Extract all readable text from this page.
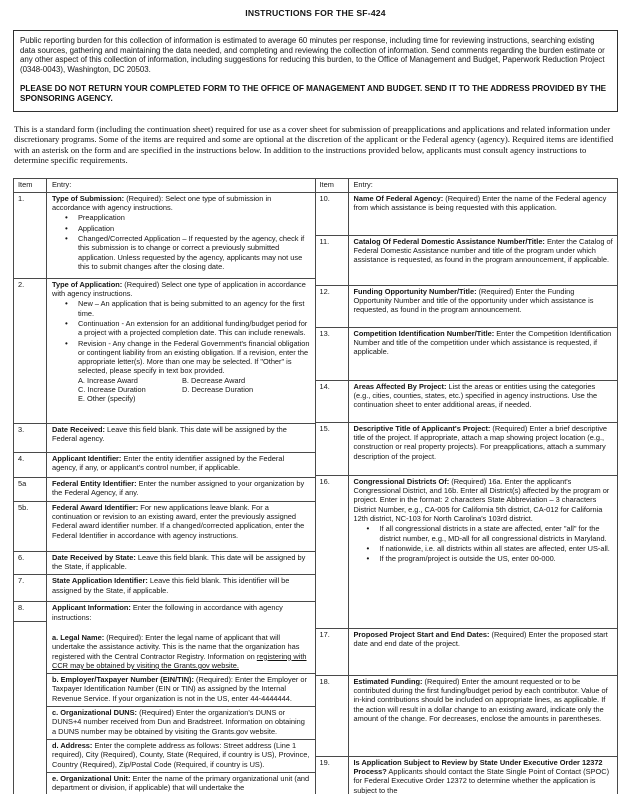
INSTRUCTIONS FOR THE SF-424
Public reporting burden for this collection of information is estimated to average 60 minutes per response, including time for reviewing instructions, searching existing data sources, gathering and maintaining the data needed, and completing and reviewing the collection of information. Send comments regarding the burden estimate or any other aspect of this collection of information, including suggestions for reducing this burden, to the Office of Management and Budget, Paperwork Reduction Project (0348-0043), Washington, DC 20503.
PLEASE DO NOT RETURN YOUR COMPLETED FORM TO THE OFFICE OF MANAGEMENT AND BUDGET. SEND IT TO THE ADDRESS PROVIDED BY THE SPONSORING AGENCY.
This is a standard form (including the continuation sheet) required for use as a cover sheet for submission of preapplications and applications and related information under discretionary programs. Some of the items are required and some are optional at the discretion of the applicant or the Federal agency (agency). Required items are identified with an asterisk on the form and are specified in the instructions below. In addition to the instructions provided below, applicants must consult agency instructions to determine specific requirements.
Item	Entry:
1.	Type of Submission: (Required): Select one type of submission in accordance with agency instructions.

• Preapplication
• Application
• Changed/Corrected Application – If requested by the agency, check if this submission is to change or correct a previously submitted application. Unless requested by the agency, applicants may not use this to submit changes after the closing date.
2.	Type of Application: (Required) Select one type of application in accordance with agency instructions.

• New – An application that is being submitted to an agency for the first time.
• Continuation - An extension for an additional funding/budget period for a project with a projected completion date. This can include renewals.
• Revision - Any change in the Federal Government's financial obligation or contingent liability from an existing obligation. If a revision, enter the appropriate letter(s). More than one may be selected. If "Other" is selected, please specify in text box provided.
A. Increase Award	B. Decrease Award
C. Increase Duration	D. Decrease Duration
E. Other (specify)
3.	Date Received: Leave this field blank. This date will be assigned by the Federal agency.

4.	Applicant Identifier: Enter the entity identifier assigned by the Federal agency, if any, or applicant's control number, if applicable.

5a	Federal Entity Identifier: Enter the number assigned to your organization by the Federal Agency, if any.

5b.	Federal Award Identifier: For new applications leave blank. For a continuation or revision to an existing award, enter the previously assigned Federal award identifier number. If a changed/corrected application, enter the Federal Identifier in accordance with agency instructions.

6.	Date Received by State: Leave this field blank. This date will be assigned by the State, if applicable.

7.	State Application Identifier: Leave this field blank. This identifier will be assigned by the State, if applicable.

8.	Applicant Information: Enter the following in accordance with agency instructions:

a. Legal Name: (Required): Enter the legal name of applicant that will undertake the assistance activity. This is the name that the organization has registered with the Central Contractor Registry. Information on registering with CCR may be obtained by visiting the Grants.gov website.
b. Employer/Taxpayer Number (EIN/TIN): (Required): Enter the Employer or Taxpayer Identification Number (EIN or TIN) as assigned by the Internal Revenue Service. If your organization is not in the US, enter 44-4444444.
c. Organizational DUNS: (Required) Enter the organization's DUNS or DUNS+4 number received from Dun and Bradstreet. Information on obtaining a DUNS number may be obtained by visiting the Grants.gov website.
d. Address: Enter the complete address as follows: Street address (Line 1 required), City (Required), County, State (Required, if country is US), Province, Country (Required), Zip/Postal Code (Required, if country is US).
e. Organizational Unit: Enter the name of the primary organizational unit (and department or division, if applicable) that will undertake the
Item	Entry:
10.	Name Of Federal Agency: (Required) Enter the name of the Federal agency from which assistance is being requested with this application.

11.	Catalog Of Federal Domestic Assistance Number/Title: Enter the Catalog of Federal Domestic Assistance number and title of the program under which assistance is requested, as found in the program announcement, if applicable.

12.	Funding Opportunity Number/Title: (Required) Enter the Funding Opportunity Number and title of the opportunity under which assistance is requested, as found in the program announcement.

13.	Competition Identification Number/Title: Enter the Competition Identification Number and title of the competition under which assistance is requested, if applicable.

14.	Areas Affected By Project: List the areas or entities using the categories (e.g., cities, counties, states, etc.) specified in agency instructions. Use the continuation sheet to enter additional areas, if needed.

15.	Descriptive Title of Applicant's Project: (Required) Enter a brief descriptive title of the project. If appropriate, attach a map showing project location (e.g., construction or real property projects). For preapplications, attach a summary description of the project.

16.	Congressional Districts Of: (Required) 16a. Enter the applicant's Congressional District, and 16b. Enter all District(s) affected by the program or project. Enter in the format: 2 characters State Abbreviation – 3 characters District Number, e.g., CA-005 for California 5th district, CA-012 for California 12th district, NC-103 for North Carolina's 103rd district.

• If all congressional districts in a state are affected, enter "all" for the district number, e.g., MD-all for all congressional districts in Maryland.
• If nationwide, i.e. all districts within all states are affected, enter US-all.
• If the program/project is outside the US, enter 00-000.
17.	Proposed Project Start and End Dates: (Required) Enter the proposed start date and end date of the project.

18.	Estimated Funding: (Required) Enter the amount requested or to be contributed during the first funding/budget period by each contributor. Value of in-kind contributions should be included on appropriate lines, as applicable. If the action will result in a dollar change to an existing award, indicate only the amount of the change. For decreases, enclose the amounts in parentheses.

19.	Is Application Subject to Review by State Under Executive Order 12372 Process? Applicants should contact the State Single Point of Contact (SPOC) for Federal Executive Order 12372 to determine whether the application is subject to the
